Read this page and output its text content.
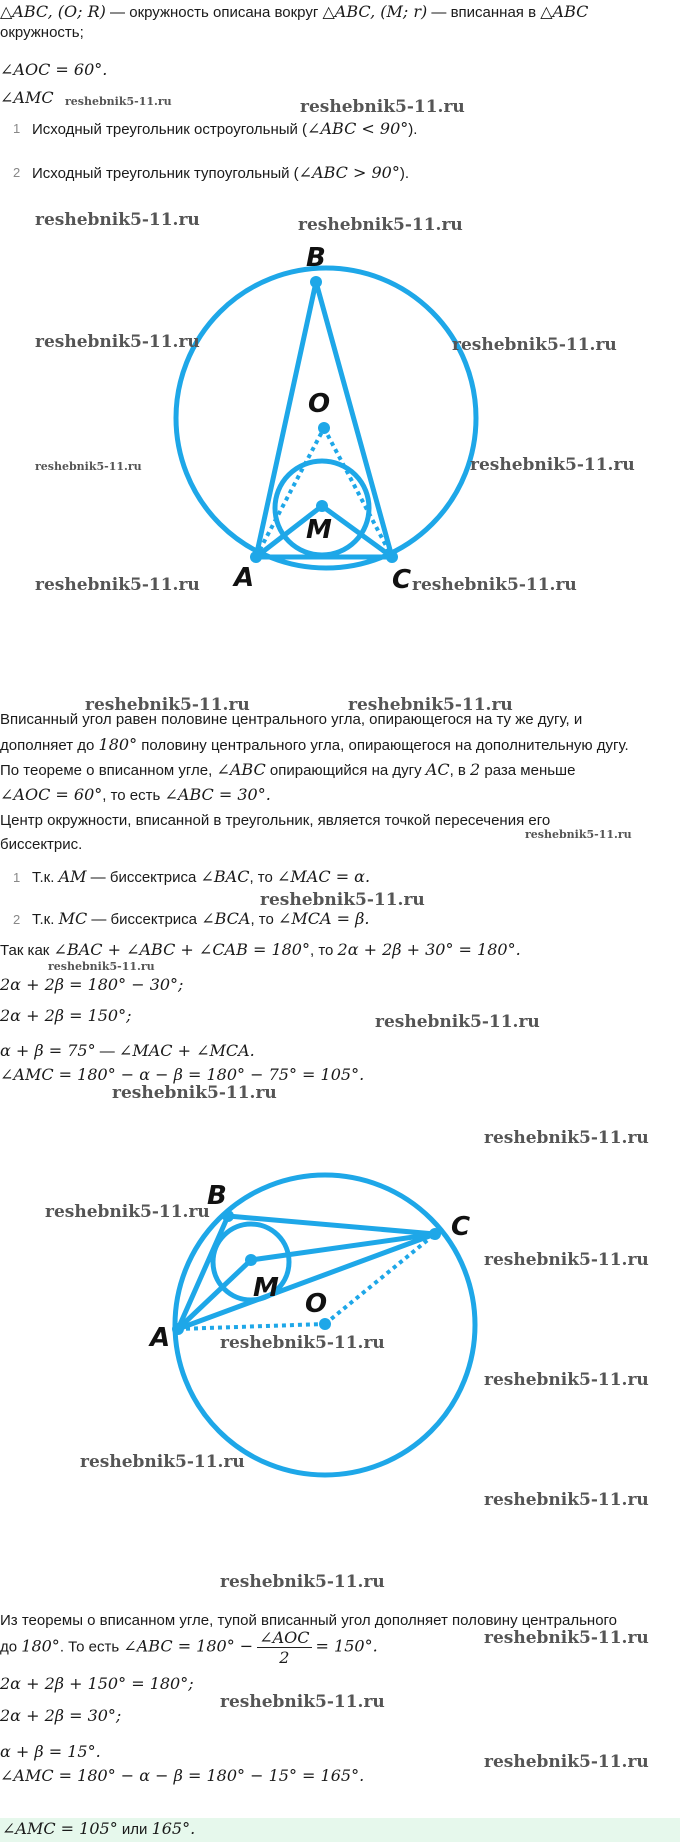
△ABC, (O; R) — окружность описана вокруг △ABC, (M; r) — вписанная в △ABC
окружность;
∠AOC = 60°.
∠AMC
1 Исходный треугольник остроугольный (∠ABC < 90°).
2 Исходный треугольник тупоугольный (∠ABC > 90°).
B
O
M
A	C
Вписанный угол равен половине центрального угла, опирающегося на ту же дугу, и
дополняет до 180° половину центрального угла, опирающегося на дополнительную дугу.
По теореме о вписанном угле, ∠ABC опирающийся на дугу AC, в 2 раза меньше
∠AOC = 60°, то есть ∠ABC = 30°.
Центр окружности, вписанной в треугольник, является точкой пересечения его
биссектрис.
1 Т.к. AM — биссектриса ∠BAC, то ∠MAC = α.
2 Т.к. MC — биссектриса ∠BCA, то ∠MCA = β.
Так как ∠BAC + ∠ABC + ∠CAB = 180°, то 2α + 2β + 30° = 180°.
2α + 2β = 180° − 30°;
2α + 2β = 150°;
α + β = 75° — ∠MAC + ∠MCA.
∠AMC = 180° − α − β = 180° − 75° = 105°.
B
C
M
O
A
Из теоремы о вписанном угле, тупой вписанный угол дополняет половину центрального
до 180°. То есть ∠ABC = $180^\circ - \frac{\text{∠AOC}}{2} = 150^\circ$.
2α + 2β + 150° = 180°;
2α + 2β = 30°;
α + β = 15°.
∠AMC = 180° − α − β = 180° − 15° = 165°.
∠AMC = 105° или 165°.
reshebnik5-11.ru
reshebnik5-11.ru
reshebnik5-11.ru	reshebnik5-11.ru
reshebnik5-11.ru	reshebnik5-11.ru
reshebnik5-11.ru	reshebnik5-11.ru
reshebnik5-11.ru	reshebnik5-11.ru
reshebnik5-11.ru	reshebnik5-11.ru
reshebnik5-11.ru
reshebnik5-11.ru
reshebnik5-11.ru
reshebnik5-11.ru
reshebnik5-11.ru
reshebnik5-11.ru
reshebnik5-11.ru
reshebnik5-11.ru
reshebnik5-11.ru
reshebnik5-11.ru
reshebnik5-11.ru
reshebnik5-11.ru
reshebnik5-11.ru
reshebnik5-11.ru
reshebnik5-11.ru
reshebnik5-11.ru
